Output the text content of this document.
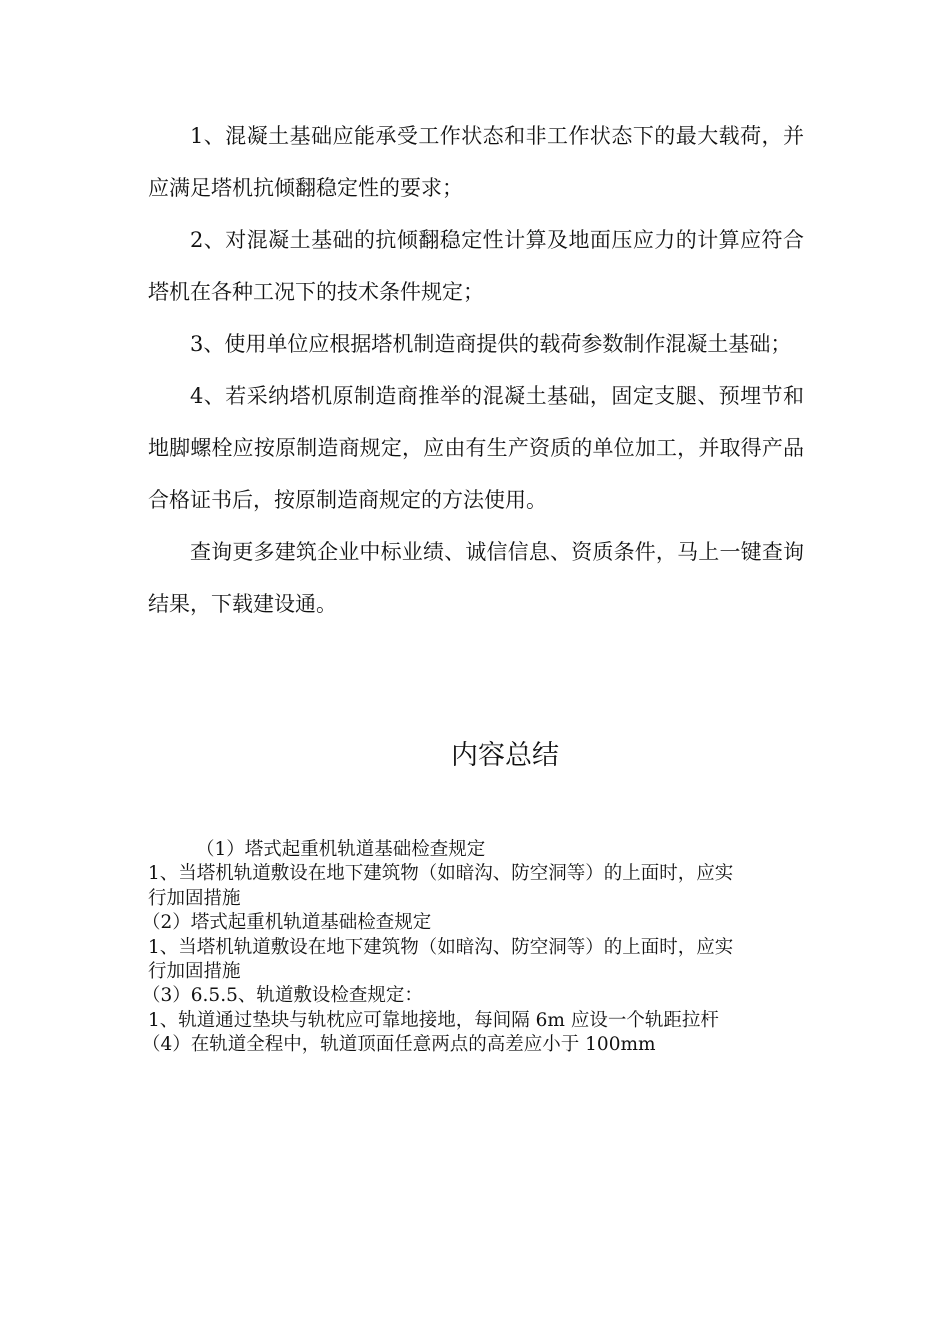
1、混凝土基础应能承受工作状态和非工作状态下的最大载荷，并应满足塔机抗倾翻稳定性的要求；

2、对混凝土基础的抗倾翻稳定性计算及地面压应力的计算应符合塔机在各种工况下的技术条件规定；

3、使用单位应根据塔机制造商提供的载荷参数制作混凝土基础；

4、若采纳塔机原制造商推举的混凝土基础，固定支腿、预埋节和地脚螺栓应按原制造商规定，应由有生产资质的单位加工，并取得产品合格证书后，按原制造商规定的方法使用。

查询更多建筑企业中标业绩、诚信信息、资质条件，马上一键查询结果，下载建设通。

内容总结

（1）塔式起重机轨道基础检查规定

1、当塔机轨道敷设在地下建筑物（如暗沟、防空洞等）的上面时，应实

行加固措施

（2）塔式起重机轨道基础检查规定

1、当塔机轨道敷设在地下建筑物（如暗沟、防空洞等）的上面时，应实

行加固措施

（3）6.5.5、轨道敷设检查规定：

1、轨道通过垫块与轨枕应可靠地接地，每间隔 6m 应设一个轨距拉杆

（4）在轨道全程中，轨道顶面任意两点的高差应小于 100mm
